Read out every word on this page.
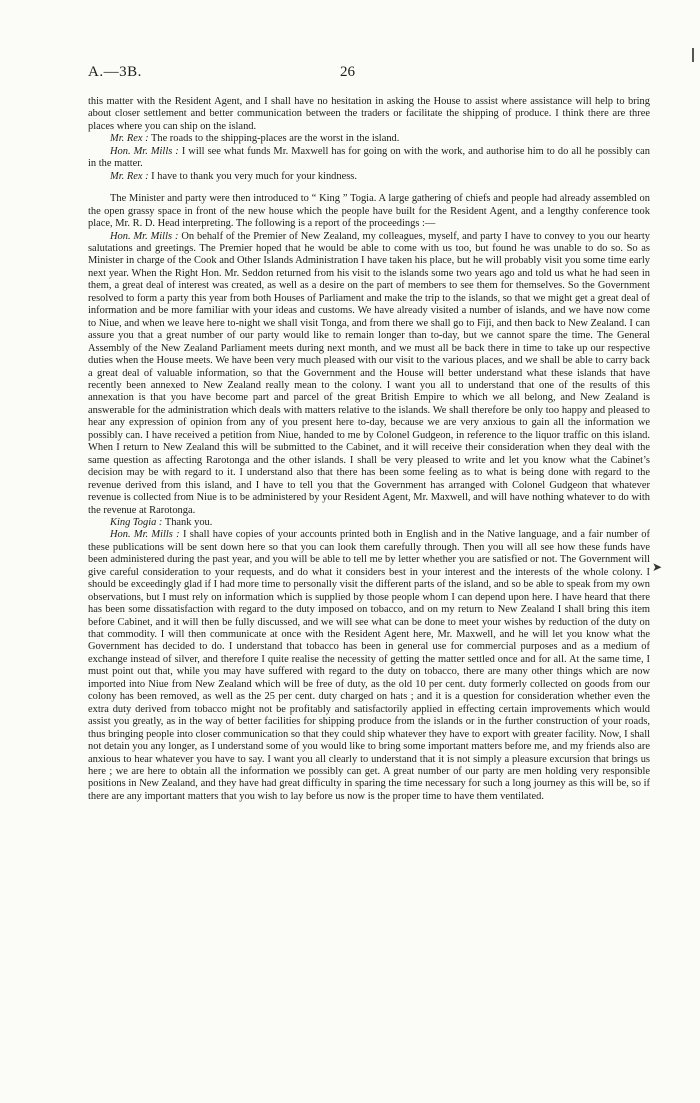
A.—3B.	26
➤

this matter with the Resident Agent, and I shall have no hesitation in asking the House to assist where assistance will help to bring about closer settlement and better communication between the traders or facilitate the shipping of produce. I think there are three places where you can ship on the island.

Mr. Rex : The roads to the shipping-places are the worst in the island.

Hon. Mr. Mills : I will see what funds Mr. Maxwell has for going on with the work, and authorise him to do all he possibly can in the matter.

Mr. Rex : I have to thank you very much for your kindness.

The Minister and party were then introduced to “ King ” Togia. A large gathering of chiefs and people had already assembled on the open grassy space in front of the new house which the people have built for the Resident Agent, and a lengthy conference took place, Mr. R. D. Head interpreting. The following is a report of the proceedings :—

Hon. Mr. Mills : On behalf of the Premier of New Zealand, my colleagues, myself, and party I have to convey to you our hearty salutations and greetings. The Premier hoped that he would be able to come with us too, but found he was unable to do so. So as Minister in charge of the Cook and Other Islands Administration I have taken his place, but he will probably visit you some time early next year. When the Right Hon. Mr. Seddon returned from his visit to the islands some two years ago and told us what he had seen in them, a great deal of interest was created, as well as a desire on the part of members to see them for themselves. So the Government resolved to form a party this year from both Houses of Parliament and make the trip to the islands, so that we might get a great deal of information and be more familiar with your ideas and customs. We have already visited a number of islands, and we have now come to Niue, and when we leave here to-night we shall visit Tonga, and from there we shall go to Fiji, and then back to New Zealand. I can assure you that a great number of our party would like to remain longer than to-day, but we cannot spare the time. The General Assembly of the New Zealand Parliament meets during next month, and we must all be back there in time to take up our respective duties when the House meets. We have been very much pleased with our visit to the various places, and we shall be able to carry back a great deal of valuable information, so that the Government and the House will better understand what these islands that have recently been annexed to New Zealand really mean to the colony. I want you all to understand that one of the results of this annexation is that you have become part and parcel of the great British Empire to which we all belong, and New Zealand is answerable for the administration which deals with matters relative to the islands. We shall therefore be only too happy and pleased to hear any expression of opinion from any of you present here to-day, because we are very anxious to gain all the information we possibly can. I have received a petition from Niue, handed to me by Colonel Gudgeon, in reference to the liquor traffic on this island. When I return to New Zealand this will be submitted to the Cabinet, and it will receive their consideration when they deal with the same question as affecting Rarotonga and the other islands. I shall be very pleased to write and let you know what the Cabinet’s decision may be with regard to it. I understand also that there has been some feeling as to what is being done with regard to the revenue derived from this island, and I have to tell you that the Government has arranged with Colonel Gudgeon that whatever revenue is collected from Niue is to be administered by your Resident Agent, Mr. Maxwell, and will have nothing whatever to do with the revenue at Rarotonga.

King Togia : Thank you.

Hon. Mr. Mills : I shall have copies of your accounts printed both in English and in the Native language, and a fair number of these publications will be sent down here so that you can look them carefully through. Then you will all see how these funds have been administered during the past year, and you will be able to tell me by letter whether you are satisfied or not. The Government will give careful consideration to your requests, and do what it considers best in your interest and the interests of the whole colony. I should be exceedingly glad if I had more time to personally visit the different parts of the island, and so be able to speak from my own observations, but I must rely on information which is supplied by those people whom I can depend upon here. I have heard that there has been some dissatisfaction with regard to the duty imposed on tobacco, and on my return to New Zealand I shall bring this item before Cabinet, and it will then be fully discussed, and we will see what can be done to meet your wishes by reduction of the duty on that commodity. I will then communicate at once with the Resident Agent here, Mr. Maxwell, and he will let you know what the Government has decided to do. I understand that tobacco has been in general use for commercial purposes and as a medium of exchange instead of silver, and therefore I quite realise the necessity of getting the matter settled once and for all. At the same time, I must point out that, while you may have suffered with regard to the duty on tobacco, there are many other things which are now imported into Niue from New Zealand which will be free of duty, as the old 10 per cent. duty formerly collected on goods from our colony has been removed, as well as the 25 per cent. duty charged on hats ; and it is a question for consideration whether even the extra duty derived from tobacco might not be profitably and satisfactorily applied in effecting certain improvements which would assist you greatly, as in the way of better facilities for shipping produce from the islands or in the further construction of your roads, thus bringing people into closer communication so that they could ship whatever they have to export with greater facility. Now, I shall not detain you any longer, as I understand some of you would like to bring some important matters before me, and my friends also are anxious to hear whatever you have to say. I want you all clearly to understand that it is not simply a pleasure excursion that brings us here ; we are here to obtain all the information we possibly can get. A great number of our party are men holding very responsible positions in New Zealand, and they have had great difficulty in sparing the time necessary for such a long journey as this will be, so if there are any important matters that you wish to lay before us now is the proper time to have them ventilated.
